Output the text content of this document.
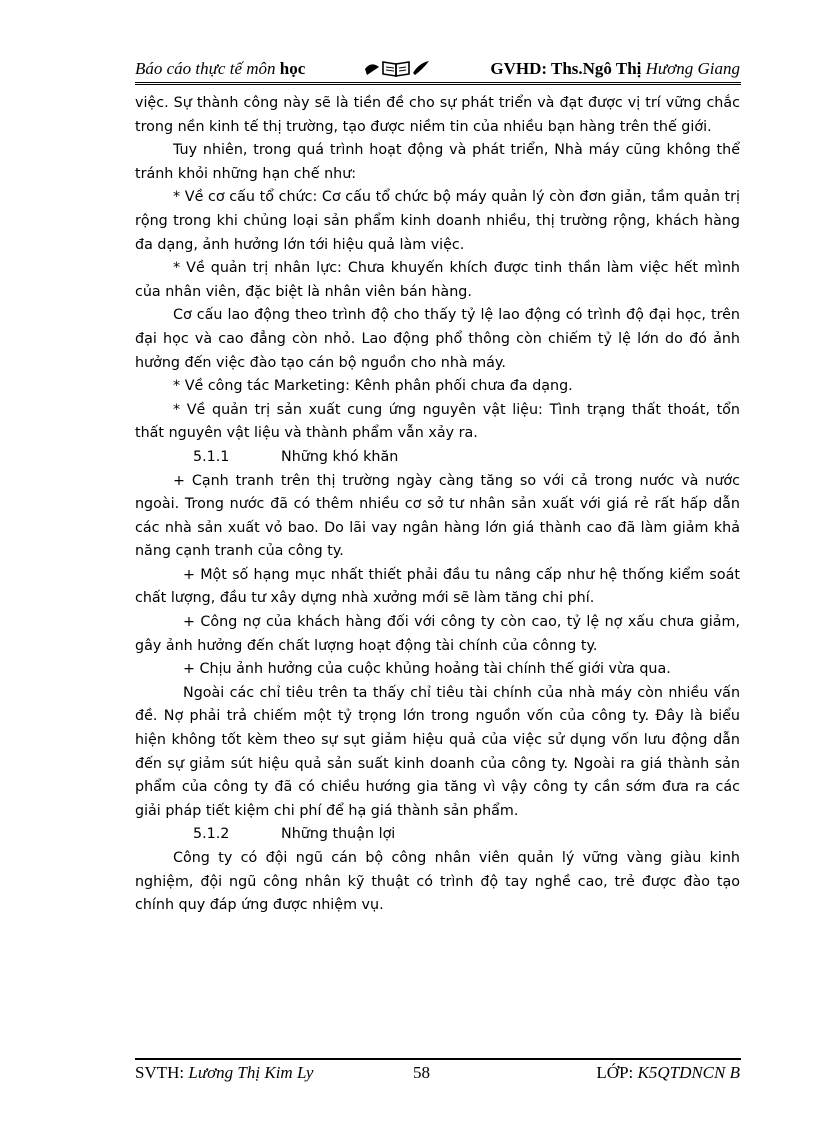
Báo cáo thực tế môn học	GVHD: Ths.Ngô Thị Hương Giang

việc. Sự thành công này sẽ là tiền đề cho sự phát triển và đạt được vị trí vững chắc trong nền kinh tế thị trường, tạo được niềm tin của nhiều bạn hàng trên thế giới.

Tuy nhiên, trong quá trình hoạt động và phát triển, Nhà máy cũng không thể tránh khỏi những hạn chế như:

* Về cơ cấu tổ chức: Cơ cấu tổ chức bộ máy quản lý còn đơn giản, tầm quản trị rộng trong khi chủng loại sản phẩm kinh doanh nhiều, thị trường rộng, khách hàng đa dạng, ảnh hưởng lớn tới hiệu quả làm việc.

* Về quản trị nhân lực: Chưa khuyến khích được tinh thần làm việc hết mình của nhân viên, đặc biệt là nhân viên bán hàng.

Cơ cấu lao động theo trình độ cho thấy tỷ lệ lao động có trình độ đại học, trên đại học và cao đẳng còn nhỏ. Lao động phổ thông còn chiếm tỷ lệ lớn do đó ảnh hưởng đến việc đào tạo cán bộ nguồn cho nhà máy.

* Về công tác Marketing: Kênh phân phối chưa đa dạng.

* Về quản trị sản xuất cung ứng nguyên vật liệu: Tình trạng thất thoát, tổn thất nguyên vật liệu và thành phẩm vẫn xảy ra.

5.1.1	Những khó khăn

+ Cạnh tranh trên thị trường ngày càng tăng so với cả trong nước và nước ngoài. Trong nước đã có thêm nhiều cơ sở tư nhân sản xuất với giá rẻ rất hấp dẫn các nhà sản xuất vỏ bao. Do lãi vay ngân hàng lớn giá thành cao đã làm giảm khả năng cạnh tranh của công ty.

+ Một số hạng mục nhất thiết phải đầu tu nâng cấp như hệ thống kiểm soát chất lượng, đầu tư xây dựng nhà xưởng mới sẽ làm tăng chi phí.

+ Công nợ của khách hàng đối với công ty còn cao, tỷ lệ nợ xấu chưa giảm, gây ảnh hưởng đến chất lượng hoạt động tài chính của cônng ty.

+ Chịu ảnh hưởng của cuộc khủng hoảng tài chính thế giới vừa qua.

Ngoài các chỉ tiêu trên ta thấy chỉ tiêu tài chính của nhà máy còn nhiều vấn đề. Nợ phải trả chiếm một tỷ trọng lớn trong nguồn vốn của công ty. Đây là biểu hiện không tốt kèm theo sự sụt giảm hiệu quả của việc sử dụng vốn lưu động dẫn đến sự giảm sút hiệu quả sản suất kinh doanh của công ty. Ngoài ra giá thành sản phẩm của công ty đã có chiều hướng gia tăng vì vậy công ty cần sớm đưa ra các giải pháp tiết kiệm chi phí để hạ giá thành sản phẩm.

5.1.2	Những thuận lợi

Công ty có đội ngũ cán bộ công nhân viên quản lý vững vàng giàu kinh nghiệm, đội ngũ công nhân kỹ thuật có trình độ tay nghề cao, trẻ được đào tạo chính quy đáp ứng được nhiệm vụ.

SVTH: Lương Thị Kim Ly	58	LỚP: K5QTDNCN B
